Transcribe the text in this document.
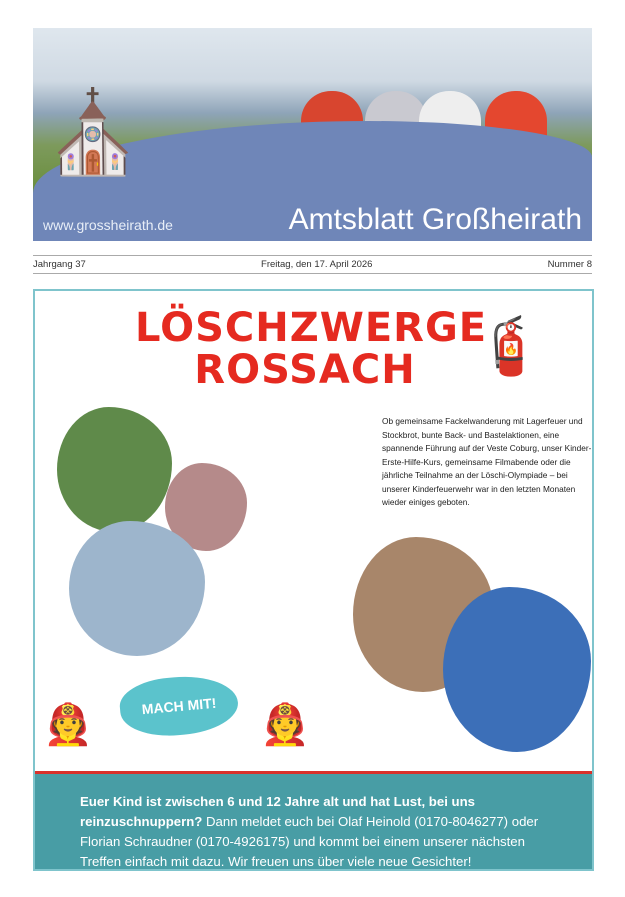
⛪
www.grossheirath.de	Amtsblatt Großheirath
Jahrgang 37	Freitag, den 17. April 2026	Nummer 8
LÖSCHZWERGE
ROSSACH	🧯
Ob gemeinsame Fackelwanderung mit Lagerfeuer und Stockbrot, bunte Back- und Bastelaktionen, eine spannende Führung auf der Veste Coburg, unser Kinder-Erste-Hilfe-Kurs, gemeinsame Filmabende oder die jährliche Teilnahme an der Löschi-Olympiade – bei unserer Kinderfeuerwehr war in den letzten Monaten wieder einiges geboten.
MACH MIT!
🧑‍🚒	🧑‍🚒
Euer Kind ist zwischen 6 und 12 Jahre alt und hat Lust, bei uns reinzuschnuppern? Dann meldet euch bei Olaf Heinold (0170-8046277) oder Florian Schraudner (0170-4926175) und kommt bei einem unserer nächsten Treffen einfach mit dazu. Wir freuen uns über viele neue Gesichter!
